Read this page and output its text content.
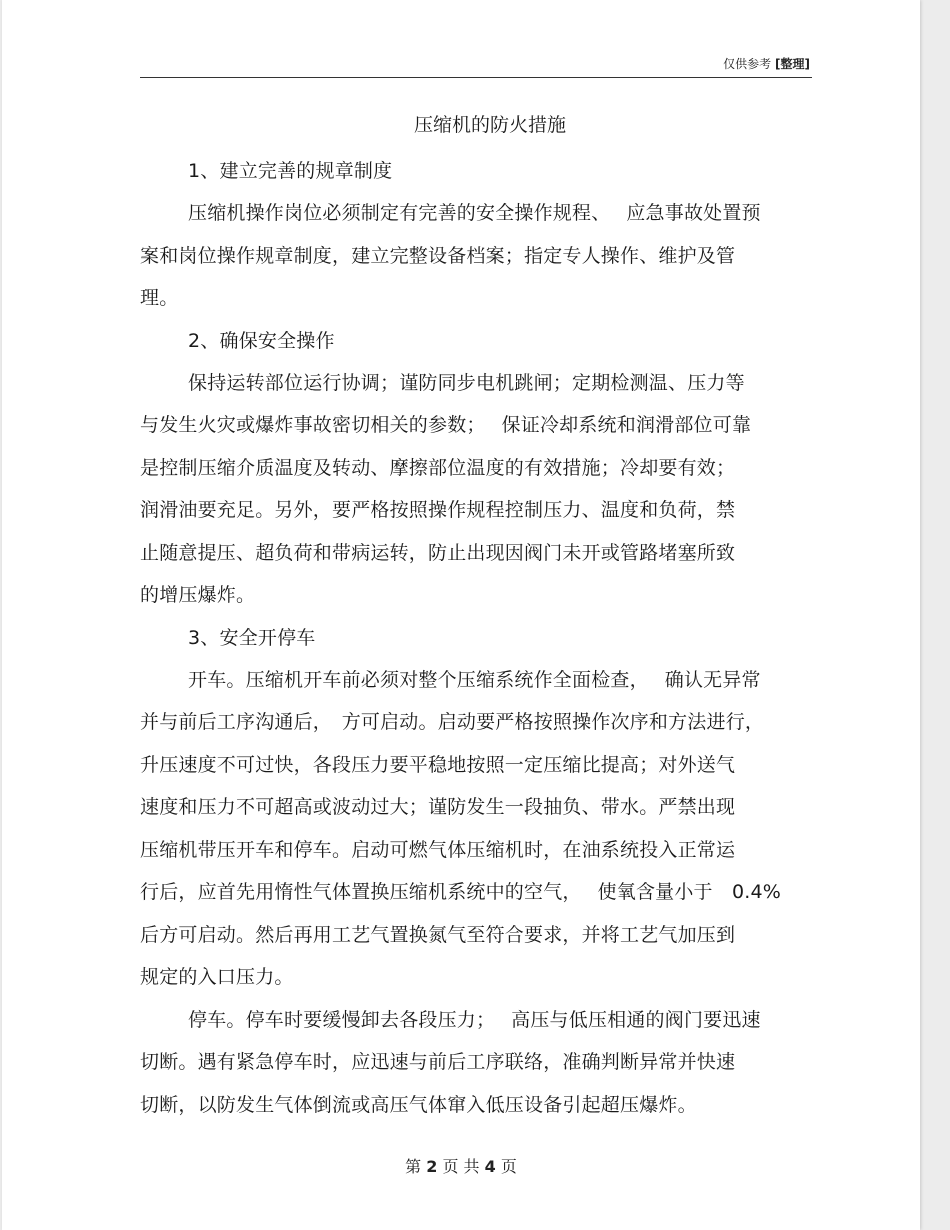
仅供参考 [整理]
压缩机的防火措施
1、建立完善的规章制度
压缩机操作岗位必须制定有完善的安全操作规程、　 应急事故处置预
案和岗位操作规章制度，建立完整设备档案；指定专人操作、维护及管
理。
2、确保安全操作
保持运转部位运行协调；谨防同步电机跳闸；定期检测温、压力等
与发生火灾或爆炸事故密切相关的参数；　 保证冷却系统和润滑部位可靠
是控制压缩介质温度及转动、摩擦部位温度的有效措施；冷却要有效；
润滑油要充足。另外，要严格按照操作规程控制压力、温度和负荷，禁
止随意提压、超负荷和带病运转，防止出现因阀门未开或管路堵塞所致
的增压爆炸。
3、安全开停车
开车。压缩机开车前必须对整个压缩系统作全面检查，　 确认无异常
并与前后工序沟通后，　方可启动。启动要严格按照操作次序和方法进行，
升压速度不可过快，各段压力要平稳地按照一定压缩比提高；对外送气
速度和压力不可超高或波动过大；谨防发生一段抽负、带水。严禁出现
压缩机带压开车和停车。启动可燃气体压缩机时，在油系统投入正常运
行后，应首先用惰性气体置换压缩机系统中的空气，　 使氧含量小于　0.4%
后方可启动。然后再用工艺气置换氮气至符合要求，并将工艺气加压到
规定的入口压力。
停车。停车时要缓慢卸去各段压力；　 高压与低压相通的阀门要迅速
切断。遇有紧急停车时，应迅速与前后工序联络，准确判断异常并快速
切断，以防发生气体倒流或高压气体窜入低压设备引起超压爆炸。
第 2 页 共 4 页
